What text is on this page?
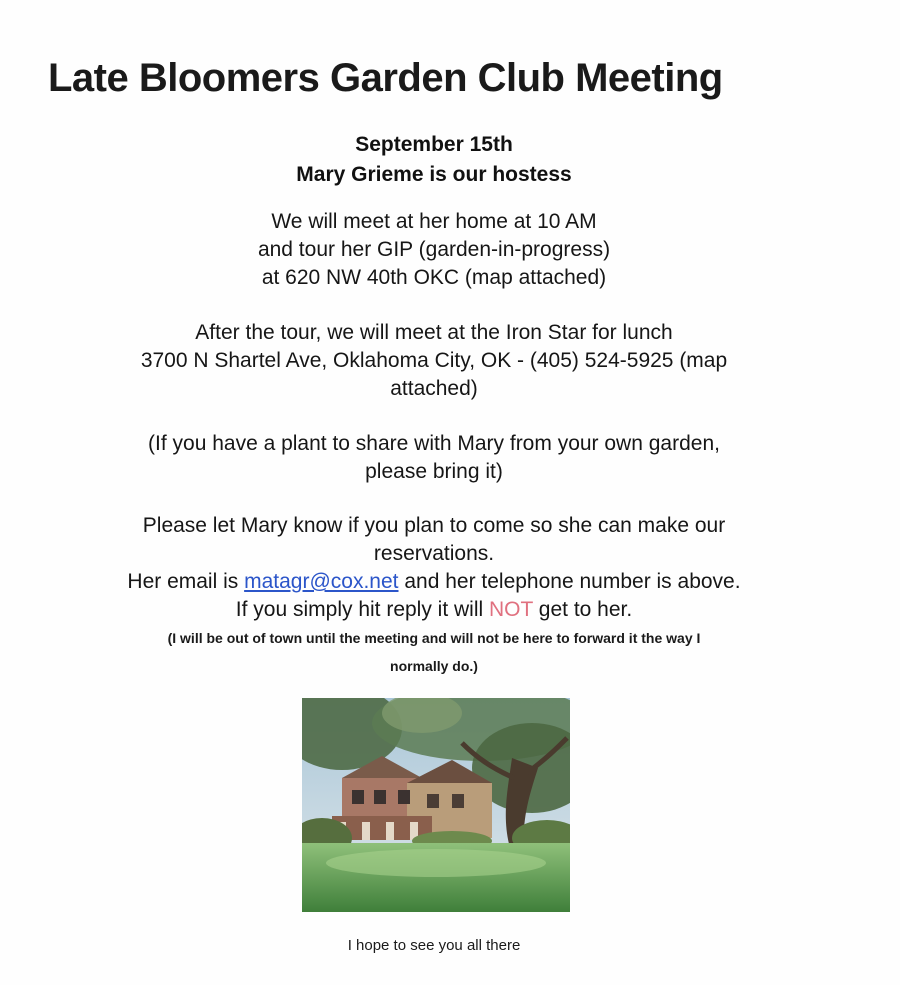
Late Bloomers Garden Club Meeting
September 15th
Mary Grieme is our hostess
We will meet at her home at 10 AM
and tour her GIP (garden-in-progress)
at 620 NW 40th OKC (map attached)
After the tour, we will meet at the Iron Star for lunch
3700 N Shartel Ave, Oklahoma City, OK - (405) 524-5925 (map
attached)
(If you have a plant to share with Mary from your own garden,
please bring it)
Please let Mary know if you plan to come so she can make our
reservations.
Her email is matagr@cox.net and her telephone number is above.
If you simply hit reply it will NOT get to her.
(I will be out of town until the meeting and will not be here to forward it the way I
normally do.)
I hope to see you all there
